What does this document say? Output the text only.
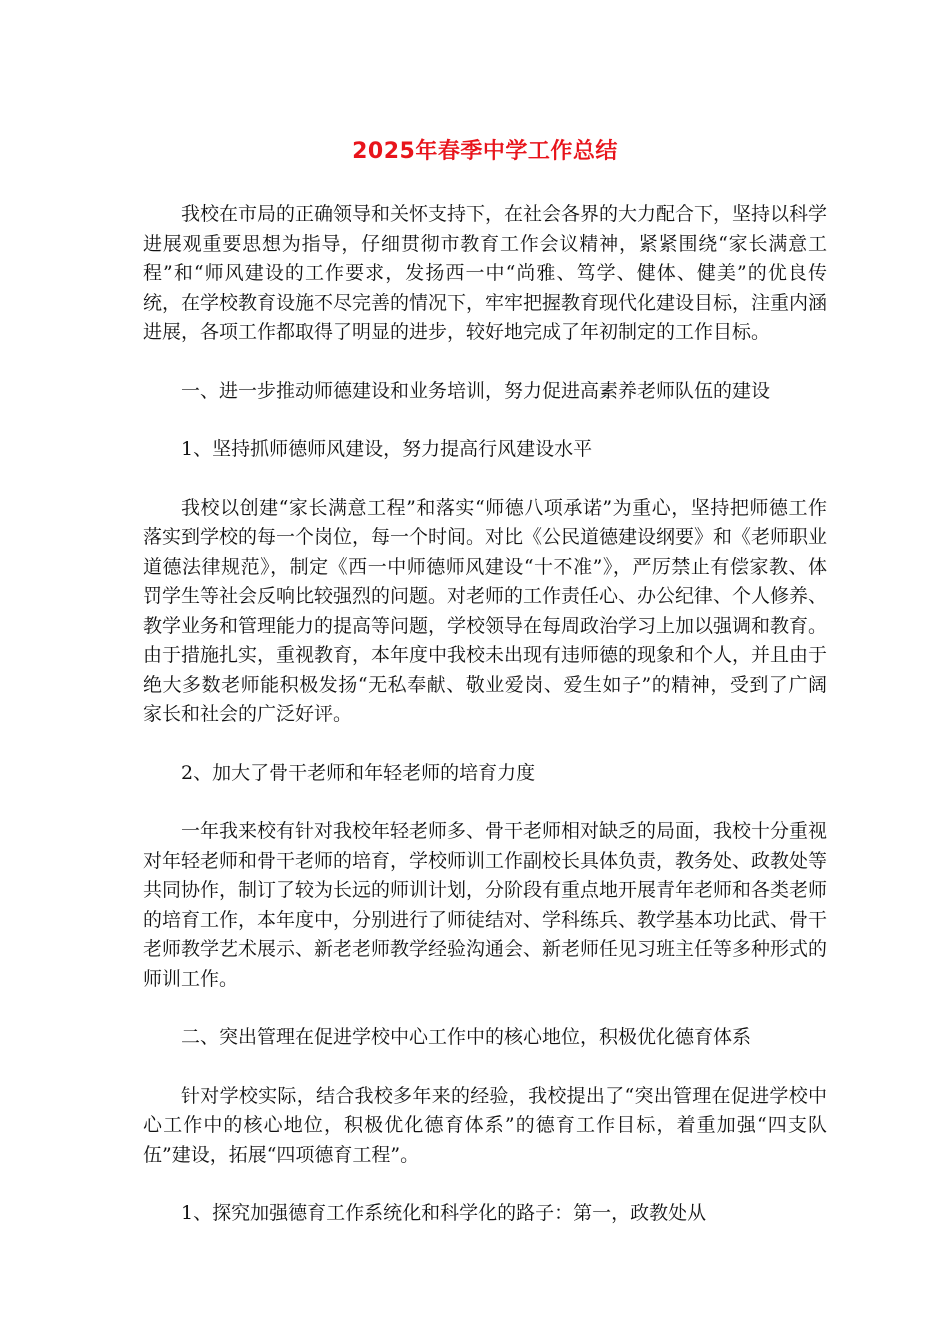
2025年春季中学工作总结

我校在市局的正确领导和关怀支持下，在社会各界的大力配合下，坚持以科学进展观重要思想为指导，仔细贯彻市教育工作会议精神，紧紧围绕“家长满意工程”和“师风建设的工作要求，发扬西一中“尚雅、笃学、健体、健美”的优良传统，在学校教育设施不尽完善的情况下，牢牢把握教育现代化建设目标，注重内涵进展，各项工作都取得了明显的进步，较好地完成了年初制定的工作目标。

一、进一步推动师德建设和业务培训，努力促进高素养老师队伍的建设

1、坚持抓师德师风建设，努力提高行风建设水平

我校以创建“家长满意工程”和落实“师德八项承诺”为重心，坚持把师德工作落实到学校的每一个岗位，每一个时间。对比《公民道德建设纲要》和《老师职业道德法律规范》，制定《西一中师德师风建设“十不准”》，严厉禁止有偿家教、体罚学生等社会反响比较强烈的问题。对老师的工作责任心、办公纪律、个人修养、教学业务和管理能力的提高等问题，学校领导在每周政治学习上加以强调和教育。由于措施扎实，重视教育，本年度中我校未出现有违师德的现象和个人，并且由于绝大多数老师能积极发扬“无私奉献、敬业爱岗、爱生如子”的精神，受到了广阔家长和社会的广泛好评。

2、加大了骨干老师和年轻老师的培育力度

一年我来校有针对我校年轻老师多、骨干老师相对缺乏的局面，我校十分重视对年轻老师和骨干老师的培育，学校师训工作副校长具体负责，教务处、政教处等共同协作，制订了较为长远的师训计划，分阶段有重点地开展青年老师和各类老师的培育工作，本年度中，分别进行了师徒结对、学科练兵、教学基本功比武、骨干老师教学艺术展示、新老老师教学经验沟通会、新老师任见习班主任等多种形式的师训工作。

二、突出管理在促进学校中心工作中的核心地位，积极优化德育体系

针对学校实际，结合我校多年来的经验，我校提出了“突出管理在促进学校中心工作中的核心地位，积极优化德育体系”的德育工作目标，着重加强“四支队伍”建设，拓展“四项德育工程”。

1、探究加强德育工作系统化和科学化的路子：第一，政教处从
